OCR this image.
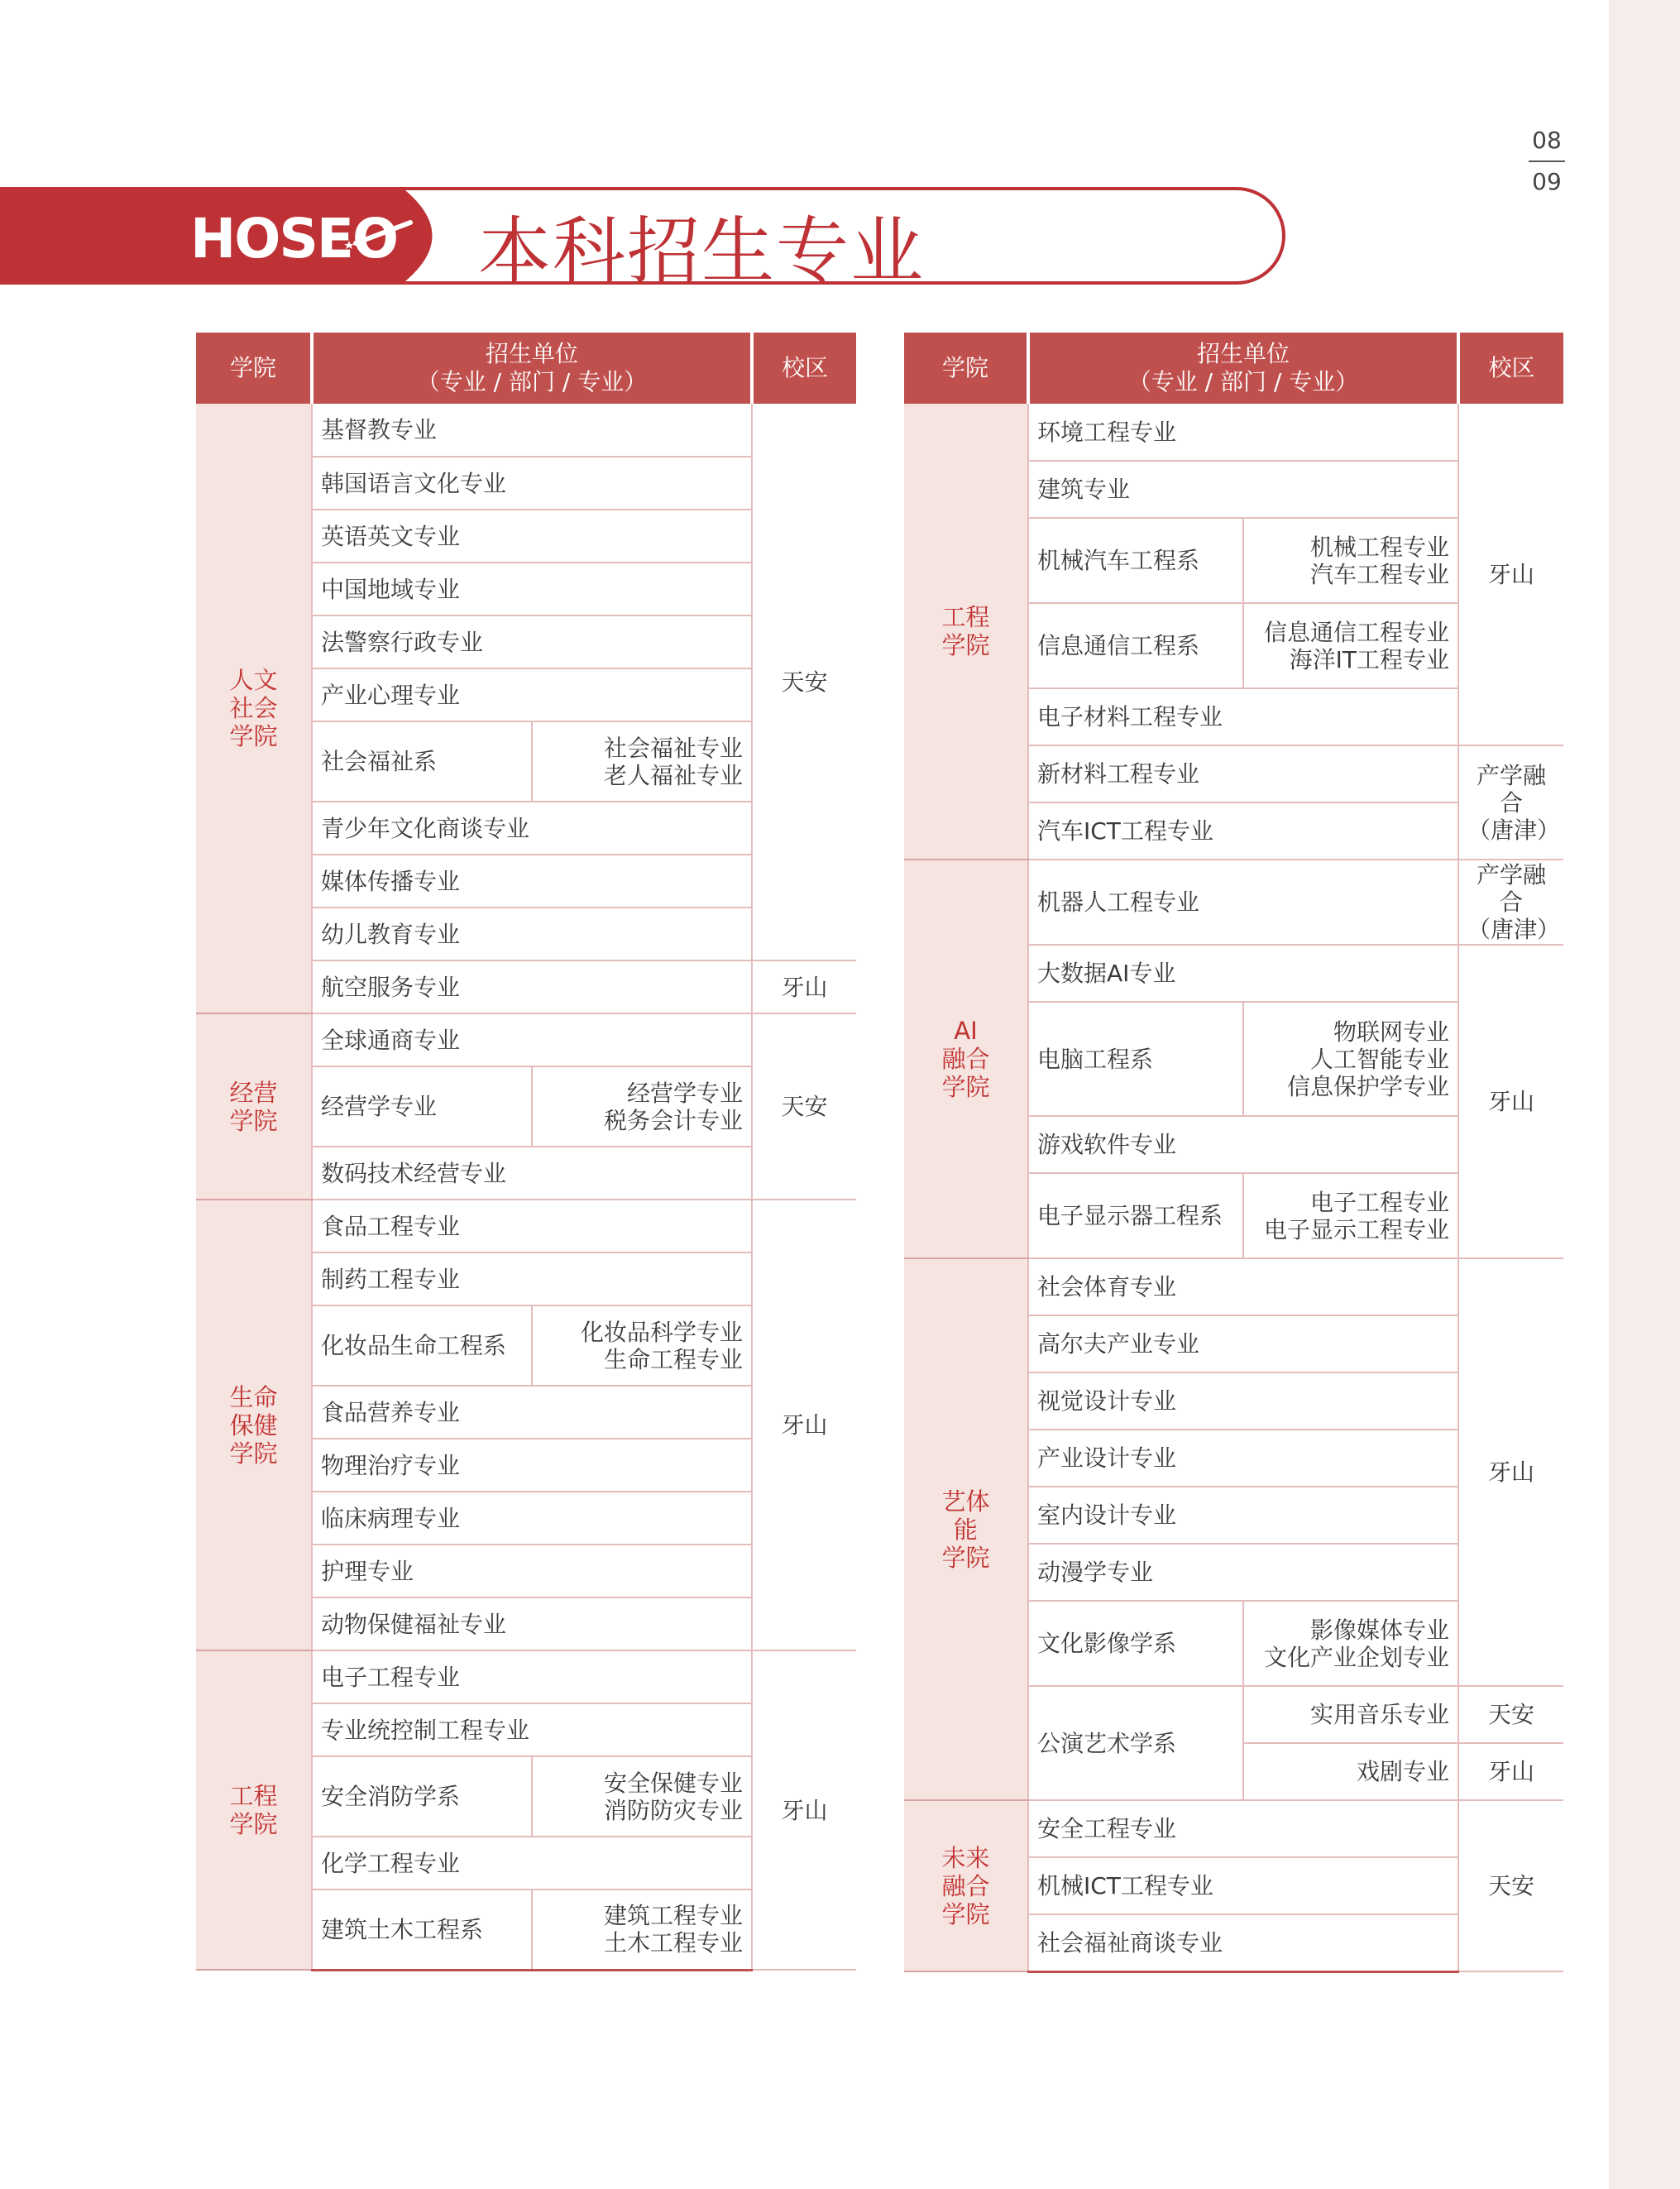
08
09
HOSEO 本科招生专业
学院	招生单位
（专业 / 部门 / 专业）		校区
人文
社会
学院	基督教专业		天安
	韩国语言文化专业		
	英语英文专业		
	中国地域专业		
	法警察行政专业		
	产业心理专业		
	社会福祉系	社会福祉专业
老人福祉专业	
	青少年文化商谈专业		
	媒体传播专业		
	幼儿教育专业		
	航空服务专业		牙山
经营
学院	全球通商专业		天安
	经营学专业	经营学专业
税务会计专业	
	数码技术经营专业		
生命
保健
学院	食品工程专业		牙山
	制药工程专业		
	化妆品生命工程系	化妆品科学专业
生命工程专业	
	食品营养专业		
	物理治疗专业		
	临床病理专业		
	护理专业		
	动物保健福祉专业		
工程
学院	电子工程专业		牙山
	专业统控制工程专业		
	安全消防学系	安全保健专业
消防防灾专业	
	化学工程专业		
	建筑土木工程系	建筑工程专业
土木工程专业	
学院	招生单位
（专业 / 部门 / 专业）		校区
工程
学院	环境工程专业		牙山
	建筑专业		
	机械汽车工程系	机械工程专业
汽车工程专业	
	信息通信工程系	信息通信工程专业
海洋IT工程专业	
	电子材料工程专业		
	新材料工程专业		产学融合
（唐津）
	汽车ICT工程专业		
AI
融合
学院	机器人工程专业		产学融合
（唐津）
	大数据AI专业		牙山
	电脑工程系	物联网专业
人工智能专业
信息保护学专业	
	游戏软件专业		
	电子显示器工程系	电子工程专业
电子显示工程专业	
艺体
能
学院	社会体育专业		牙山
	高尔夫产业专业		
	视觉设计专业		
	产业设计专业		
	室内设计专业		
	动漫学专业		
	文化影像学系	影像媒体专业
文化产业企划专业	
	公演艺术学系	实用音乐专业	天安
		戏剧专业	牙山
未来
融合
学院	安全工程专业		天安
	机械ICT工程专业		
	社会福祉商谈专业		
